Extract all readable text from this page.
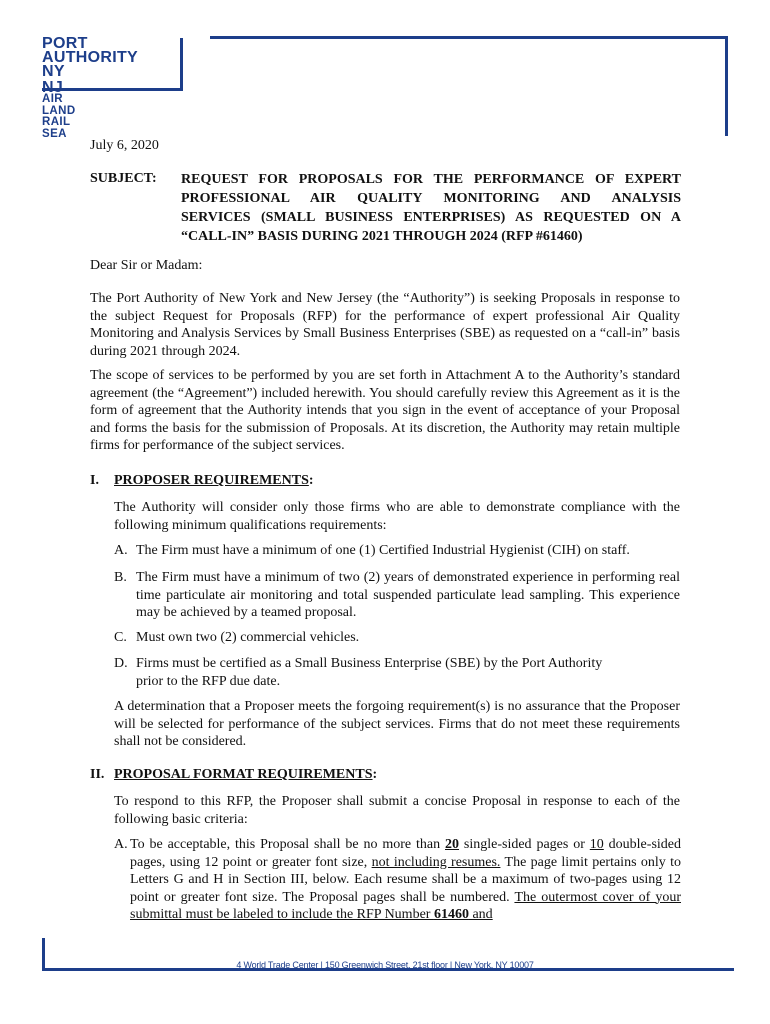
PORT
AUTHORITY
NY
AIR LAND RAIL SEA
July 6, 2020
SUBJECT: REQUEST FOR PROPOSALS FOR THE PERFORMANCE OF EXPERT
PROFESSIONAL AIR QUALITY MONITORING AND ANALYSIS
SERVICES (SMALL BUSINESS ENTERPRISES) AS REQUESTED ON A
“CALL-IN” BASIS DURING 2021 THROUGH 2024 (RFP #61460)
Dear Sir or Madam:
The Port Authority of New York and New Jersey (the “Authority”) is seeking Proposals in response to the subject Request for Proposals (RFP) for the performance of expert professional Air Quality Monitoring and Analysis Services by Small Business Enterprises (SBE) as requested on a “call-in” basis during 2021 through 2024.
The scope of services to be performed by you are set forth in Attachment A to the Authority’s standard agreement (the “Agreement”) included herewith. You should carefully review this Agreement as it is the form of agreement that the Authority intends that you sign in the event of acceptance of your Proposal and forms the basis for the submission of Proposals. At its discretion, the Authority may retain multiple firms for performance of the subject services.
I. PROPOSER REQUIREMENTS:
The Authority will consider only those firms who are able to demonstrate compliance with the following minimum qualifications requirements:
A. The Firm must have a minimum of one (1) Certified Industrial Hygienist (CIH) on staff.
B. The Firm must have a minimum of two (2) years of demonstrated experience in performing real time particulate air monitoring and total suspended particulate lead sampling. This experience may be achieved by a teamed proposal.
C. Must own two (2) commercial vehicles.
D. Firms must be certified as a Small Business Enterprise (SBE) by the Port Authority
prior to the RFP due date.
A determination that a Proposer meets the forgoing requirement(s) is no assurance that the Proposer will be selected for performance of the subject services. Firms that do not meet these requirements shall not be considered.
II. PROPOSAL FORMAT REQUIREMENTS:
To respond to this RFP, the Proposer shall submit a concise Proposal in response to each of the following basic criteria:
A. To be acceptable, this Proposal shall be no more than 20 single-sided pages or 10 double-sided pages, using 12 point or greater font size, not including resumes. The page limit pertains only to Letters G and H in Section III, below. Each resume shall be a maximum of two-pages using 12 point or greater font size. The Proposal pages shall be numbered. The outermost cover of your submittal must be labeled to include the RFP Number 61460 and
4 World Trade Center | 150 Greenwich Street, 21st floor | New York, NY 10007
